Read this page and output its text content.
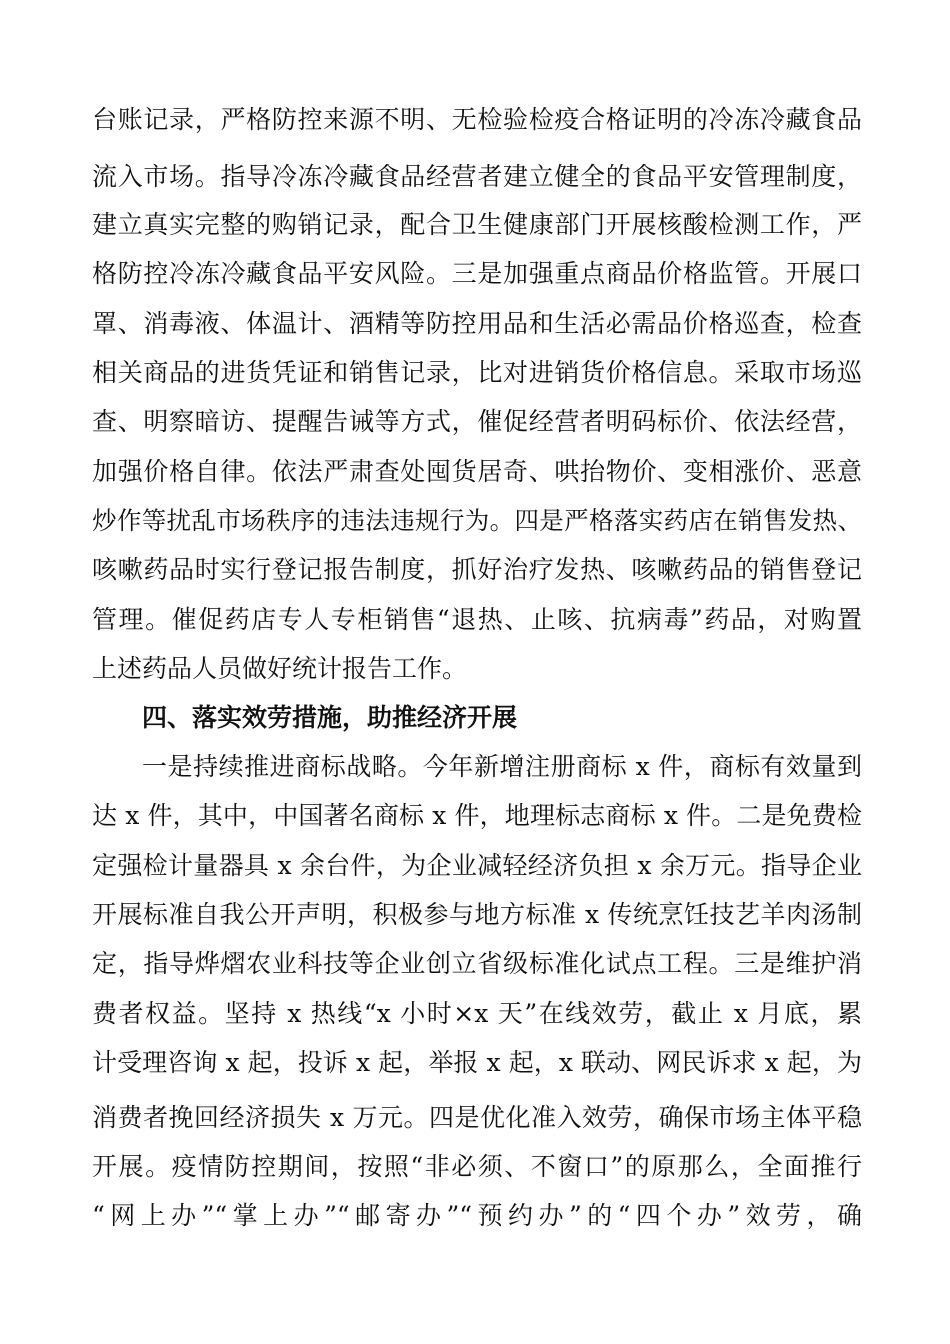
台账记录，严格防控来源不明、无检验检疫合格证明的冷冻冷藏食品
流入市场。指导冷冻冷藏食品经营者建立健全的食品平安管理制度，
建立真实完整的购销记录，配合卫生健康部门开展核酸检测工作，严
格防控冷冻冷藏食品平安风险。三是加强重点商品价格监管。开展口
罩、消毒液、体温计、酒精等防控用品和生活必需品价格巡查，检查
相关商品的进货凭证和销售记录，比对进销货价格信息。采取市场巡
查、明察暗访、提醒告诫等方式，催促经营者明码标价、依法经营，
加强价格自律。依法严肃查处囤货居奇、哄抬物价、变相涨价、恶意
炒作等扰乱市场秩序的违法违规行为。四是严格落实药店在销售发热、
咳嗽药品时实行登记报告制度，抓好治疗发热、咳嗽药品的销售登记
管理。催促药店专人专柜销售“退热、止咳、抗病毒”药品，对购置
上述药品人员做好统计报告工作。
四、落实效劳措施，助推经济开展
一是持续推进商标战略。今年新增注册商标 x 件，商标有效量到
达 x 件，其中，中国著名商标 x 件，地理标志商标 x 件。二是免费检
定强检计量器具 x 余台件，为企业减轻经济负担 x 余万元。指导企业
开展标准自我公开声明，积极参与地方标准 x 传统烹饪技艺羊肉汤制
定，指导烨熠农业科技等企业创立省级标准化试点工程。三是维护消
费者权益。坚持 x 热线“x 小时×x 天”在线效劳，截止 x 月底，累
计受理咨询 x 起，投诉 x 起，举报 x 起，x 联动、网民诉求 x 起，为
消费者挽回经济损失 x 万元。四是优化准入效劳，确保市场主体平稳
开展。疫情防控期间，按照“非必须、不窗口”的原那么，全面推行
“网上办”“掌上办”“邮寄办”“预约办”的“四个办”效劳，确
